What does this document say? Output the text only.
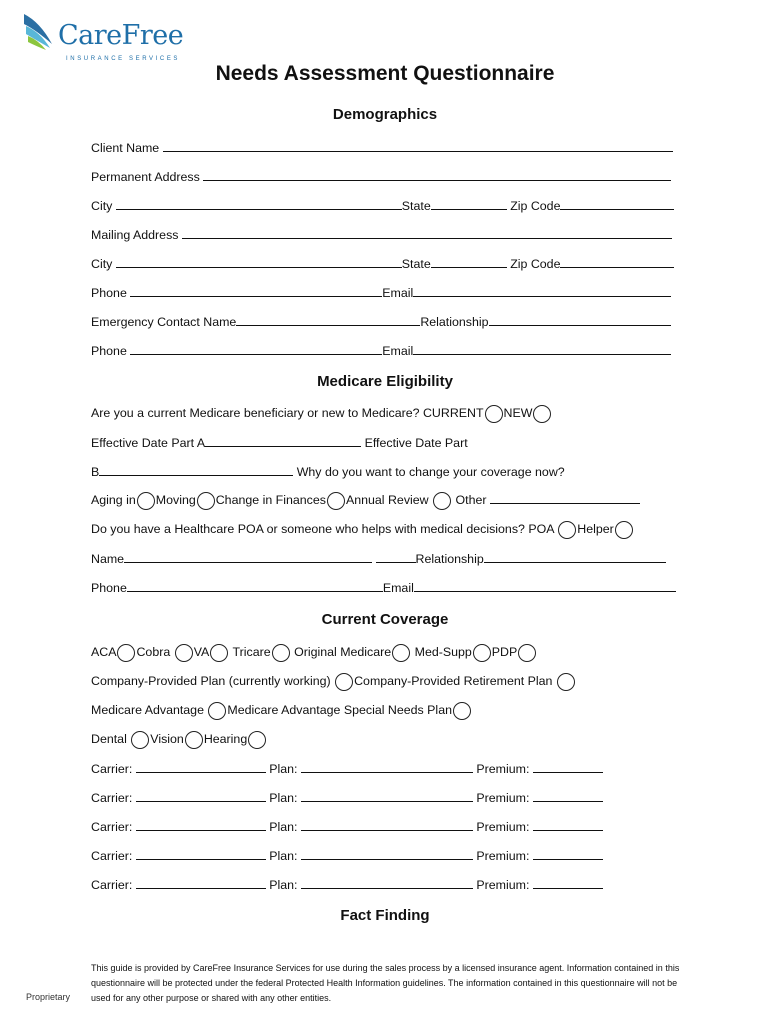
CareFree
INSURANCE SERVICES
Needs Assessment Questionnaire
Demographics
Client Name
Permanent Address
City	State	Zip Code
Mailing Address
City	State	Zip Code
Phone	Email
Emergency Contact Name	Relationship
Phone	Email
Medicare Eligibility
Are you a current Medicare beneficiary or new to Medicare? CURRENT NEW
Effective Date Part A	Effective Date Part
B	Why do you want to change your coverage now?
Aging in Moving Change in Finances Annual Review Other
Do you have a Healthcare POA or someone who helps with medical decisions? POA Helper
Name	Relationship
Phone	Email
Current Coverage
ACA Cobra VA Tricare Original Medicare Med-Supp PDP
Company-Provided Plan (currently working) Company-Provided Retirement Plan
Medicare Advantage Medicare Advantage Special Needs Plan
Dental Vision Hearing
Carrier:	Plan:	Premium:
Carrier:	Plan:	Premium:
Carrier:	Plan:	Premium:
Carrier:	Plan:	Premium:
Carrier:	Plan:	Premium:
Fact Finding
This guide is provided by CareFree Insurance Services for use during the sales process by a licensed insurance agent. Information contained in this questionnaire will be protected under the federal Protected Health Information guidelines. The information contained in this questionnaire will not be used for any other purpose or shared with any other entities.
Proprietary
